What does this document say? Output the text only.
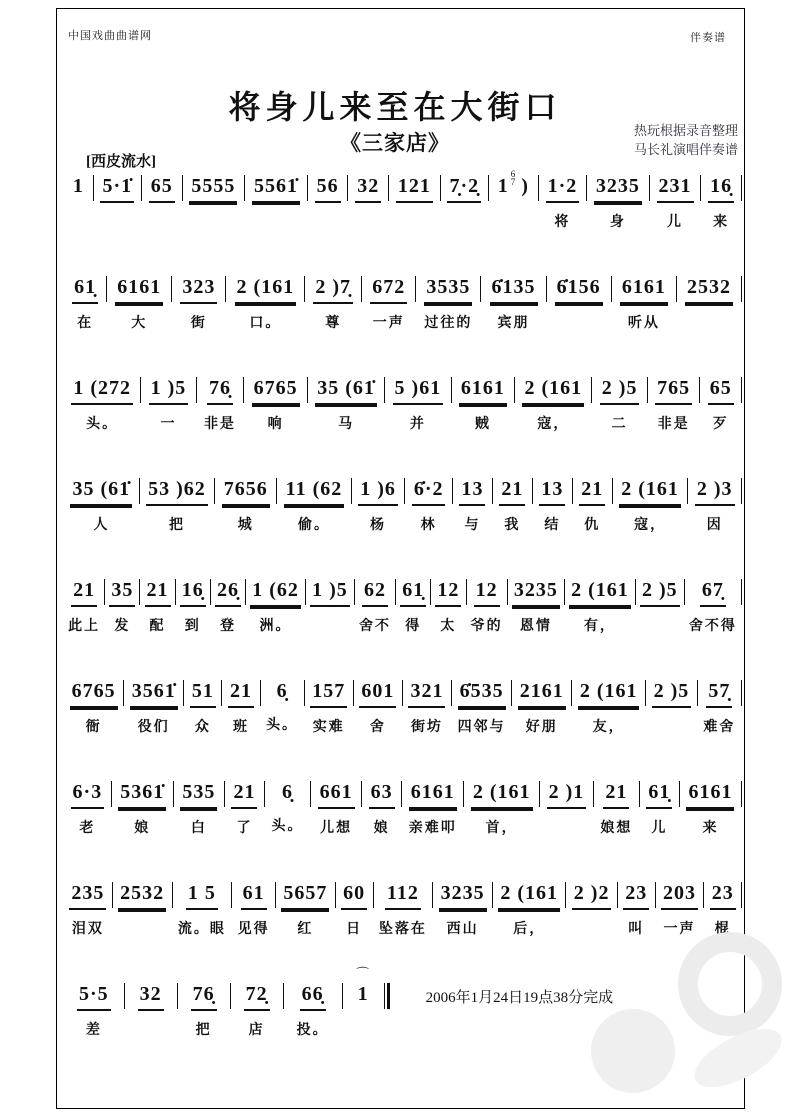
中国戏曲曲谱网	伴奏谱
将身儿来至在大街口
《三家店》
热玩根据录音整理
马长礼演唱伴奏谱
[西皮流水]
1 5·1̇ 65 5555 5561̇ 56 32 121 7̣·2̣ 1
6
7 ) 1·2
将
3235
身
231
儿
16̣
来
61̣
在
6161
大
323
街
2 (161
口。
2 )7̣
尊
672
一声
3535
过往的
6̇135
宾朋
6̇156 6161
听从
2532
1 (272
头。
1 )5
一
76̣
非是
6765
响
35 (61̇
马
5 )61
并
6161
贼
2 (161
寇，
2 )5
二
765
非是
65
歹
35 (61̇
人
53 )62
把
7656
城
11 (62
偷。
1 )6
杨
6̇·2
林
13
与
21
我
13
结
21
仇
2 (161
寇，
2 )3
因
21
此上
35
发
21
配
16̣
到
26̣
登
1 (62
洲。
1 )5 62
舍不
61̣
得
12
太
12
爷的
3235
恩情
2 (161
有，
2 )5 67̣
舍不得
6765
衙
3561̇
役们
51
众
21
班
6̣
头。
157
实难
601
舍
321
街坊
6̇535
四邻与
2161
好朋
2 (161
友，
2 )5 57̣
难舍
6·3
老
5361̇
娘
535
白
21
了
6̣
头。
661
儿想
63
娘
6161
亲难叩
2 (161
首，
2 )1 21
娘想
61̣
儿
6161
来
235
泪双
2532 1 5
流。眼
61
见得
5657
红
60
日
112
坠落在
3235
西山
2 (161
后，
2 )2 23
叫
203
一声
23
棍
5·5
差
32 76̣
把
72̣
店
66̣
投。
⌒
1	2006年1月24日19点38分完成
